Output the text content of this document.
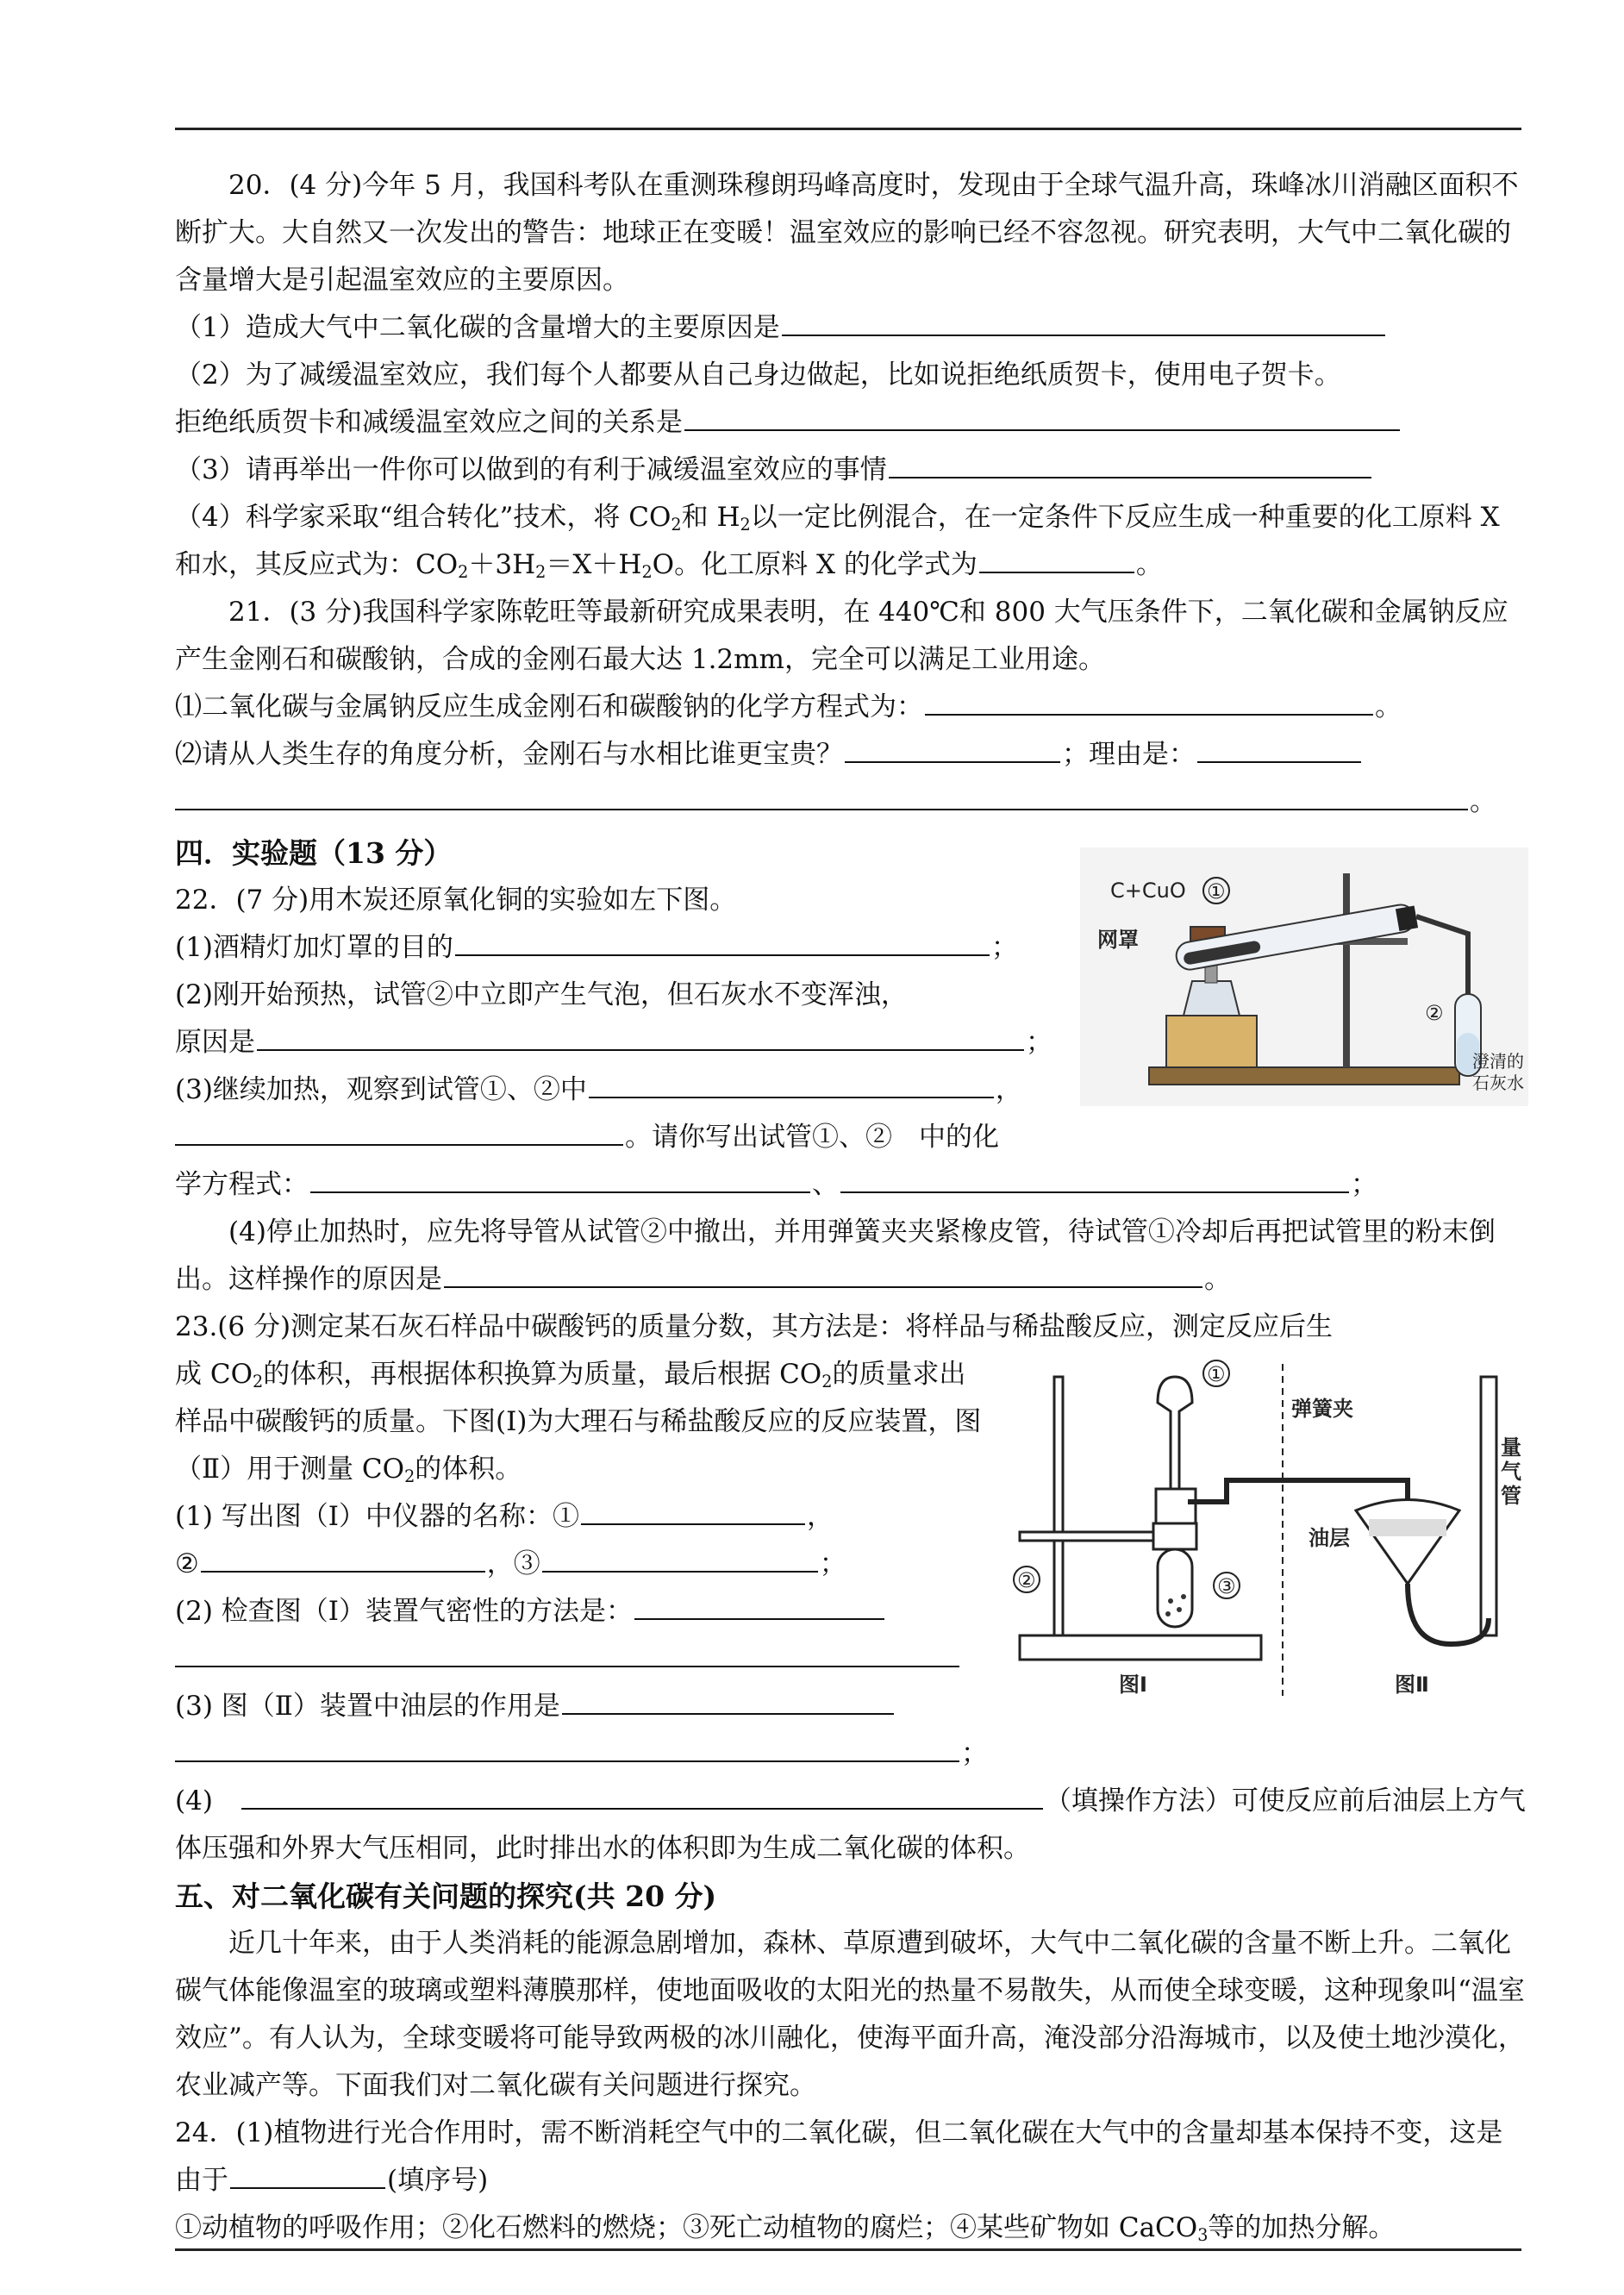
20．(4 分)今年 5 月，我国科考队在重测珠穆朗玛峰高度时，发现由于全球气温升高，珠峰冰川消融区面积不断扩大。大自然又一次发出的警告：地球正在变暖！温室效应的影响已经不容忽视。研究表明，大气中二氧化碳的含量增大是引起温室效应的主要原因。

（1）造成大气中二氧化碳的含量增大的主要原因是

（2）为了减缓温室效应，我们每个人都要从自己身边做起，比如说拒绝纸质贺卡，使用电子贺卡。

拒绝纸质贺卡和减缓温室效应之间的关系是

（3）请再举出一件你可以做到的有利于减缓温室效应的事情

（4）科学家采取“组合转化”技术，将 $CO_2$和 $H_2$以一定比例混合，在一定条件下反应生成一种重要的化工原料 X 和水，其反应式为：$CO_2+3H_2=X+H_2O$。化工原料 X 的化学式为	。

21．(3 分)我国科学家陈乾旺等最新研究成果表明，在 440℃和 800 大气压条件下，二氧化碳和金属钠反应产生金刚石和碳酸钠，合成的金刚石最大达 1.2mm，完全可以满足工业用途。

⑴二氧化碳与金属钠反应生成金刚石和碳酸钠的化学方程式为：	。

⑵请从人类生存的角度分析，金刚石与水相比谁更宝贵？	；理由是：

。

四．实验题（13 分）

C+CuO ①
网罩
②
澄清的
石灰水

22．(7 分)用木炭还原氧化铜的实验如左下图。

(1)酒精灯加灯罩的目的	；

(2)刚开始预热，试管②中立即产生气泡，但石灰水不变浑浊，

原因是	；

(3)继续加热，观察到试管①、②中	，

。请你写出试管①、②　中的化

学方程式：	、	；

(4)停止加热时，应先将导管从试管②中撤出，并用弹簧夹夹紧橡皮管，待试管①冷却后再把试管里的粉末倒出。这样操作的原因是	。

23.(6 分)测定某石灰石样品中碳酸钙的质量分数，其方法是：将样品与稀盐酸反应，测定反应后生

①
②	③
弹簧夹
量
气
管
油层
图Ⅰ	图Ⅱ

成 $CO_2$的体积，再根据体积换算为质量，最后根据 $CO_2$的质量求出样品中碳酸钙的质量。下图(Ⅰ)为大理石与稀盐酸反应的反应装置，图（Ⅱ）用于测量 $CO_2$的体积。

(1) 写出图（I）中仪器的名称：①	，

②	，③	；

(2) 检查图（I）装置气密性的方法是：

(3) 图（Ⅱ）装置中油层的作用是

；

(4)　	（填操作方法）可使反应前后油层上方气体压强和外界大气压相同，此时排出水的体积即为生成二氧化碳的体积。

五、对二氧化碳有关问题的探究(共 20 分)

近几十年来，由于人类消耗的能源急剧增加，森林、草原遭到破坏，大气中二氧化碳的含量不断上升。二氧化碳气体能像温室的玻璃或塑料薄膜那样，使地面吸收的太阳光的热量不易散失，从而使全球变暖，这种现象叫“温室效应”。有人认为，全球变暖将可能导致两极的冰川融化，使海平面升高，淹没部分沿海城市，以及使土地沙漠化，农业减产等。下面我们对二氧化碳有关问题进行探究。

24．(1)植物进行光合作用时，需不断消耗空气中的二氧化碳，但二氧化碳在大气中的含量却基本保持不变，这是由于	(填序号)

①动植物的呼吸作用；②化石燃料的燃烧；③死亡动植物的腐烂；④某些矿物如 CaCO$_3$等的加热分解。
